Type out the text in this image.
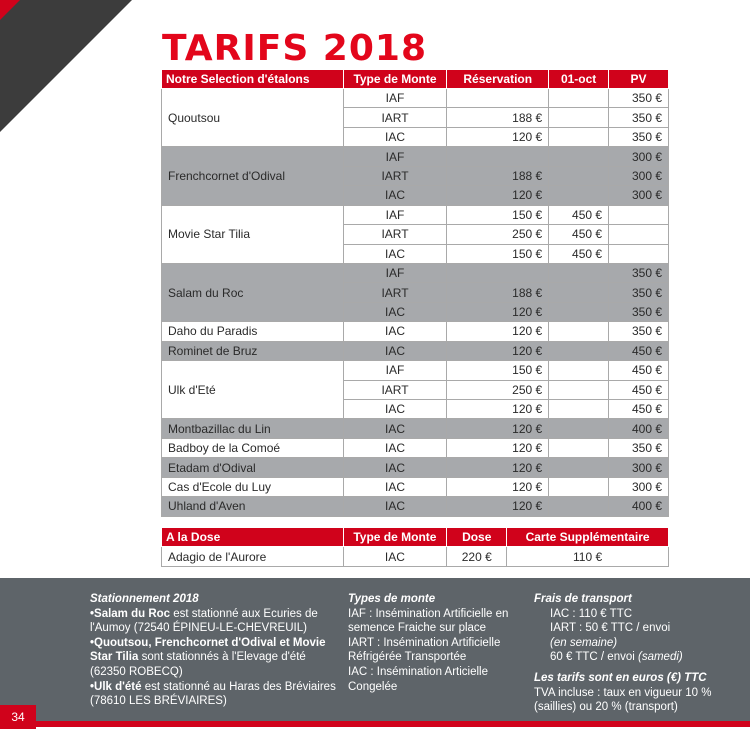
TARIFS 2018
Notre Selection d'étalons	Type de Monte	Réservation	01-oct	PV
Quoutsou	IAF			350 €
	IART	188 €		350 €
	IAC	120 €		350 €
Frenchcornet d'Odival	IAF			300 €
	IART	188 €		300 €
	IAC	120 €		300 €
Movie Star Tilia	IAF	150 €	450 €	
	IART	250 €	450 €	
	IAC	150 €	450 €	
Salam du Roc	IAF			350 €
	IART	188 €		350 €
	IAC	120 €		350 €
Daho du Paradis	IAC	120 €		350 €
Rominet de Bruz	IAC	120 €		450 €
Ulk d'Eté	IAF	150 €		450 €
	IART	250 €		450 €
	IAC	120 €		450 €
Montbazillac du Lin	IAC	120 €		400 €
Badboy de la Comoé	IAC	120 €		350 €
Etadam d'Odival	IAC	120 €		300 €
Cas d'Ecole du Luy	IAC	120 €		300 €
Uhland d'Aven	IAC	120 €		400 €
A la Dose	Type de Monte	Dose	Carte Supplémentaire
Adagio de l'Aurore	IAC	220 €	110 €
Stationnement 2018
•Salam du Roc est stationné aux Ecuries de l'Aumoy (72540 ÉPINEU-LE-CHEVREUIL)
•Quoutsou, Frenchcornet d'Odival et Movie Star Tilia sont stationnés à l'Elevage d'été (62350 ROBECQ)
•Ulk d'été est stationné au Haras des Bréviaires (78610 LES BRÉVIAIRES)
Types de monte
IAF : Insémination Artificielle en semence Fraiche sur place
IART : Insémination Artificielle Réfrigérée Transportée
IAC : Insémination Articielle Congelée
Frais de transport
IAC : 110 € TTC
IART : 50 € TTC / envoi
(en semaine)
60 € TTC / envoi (samedi)
Les tarifs sont en euros (€) TTC
TVA incluse : taux en vigueur 10 % (saillies) ou 20 % (transport)
34
